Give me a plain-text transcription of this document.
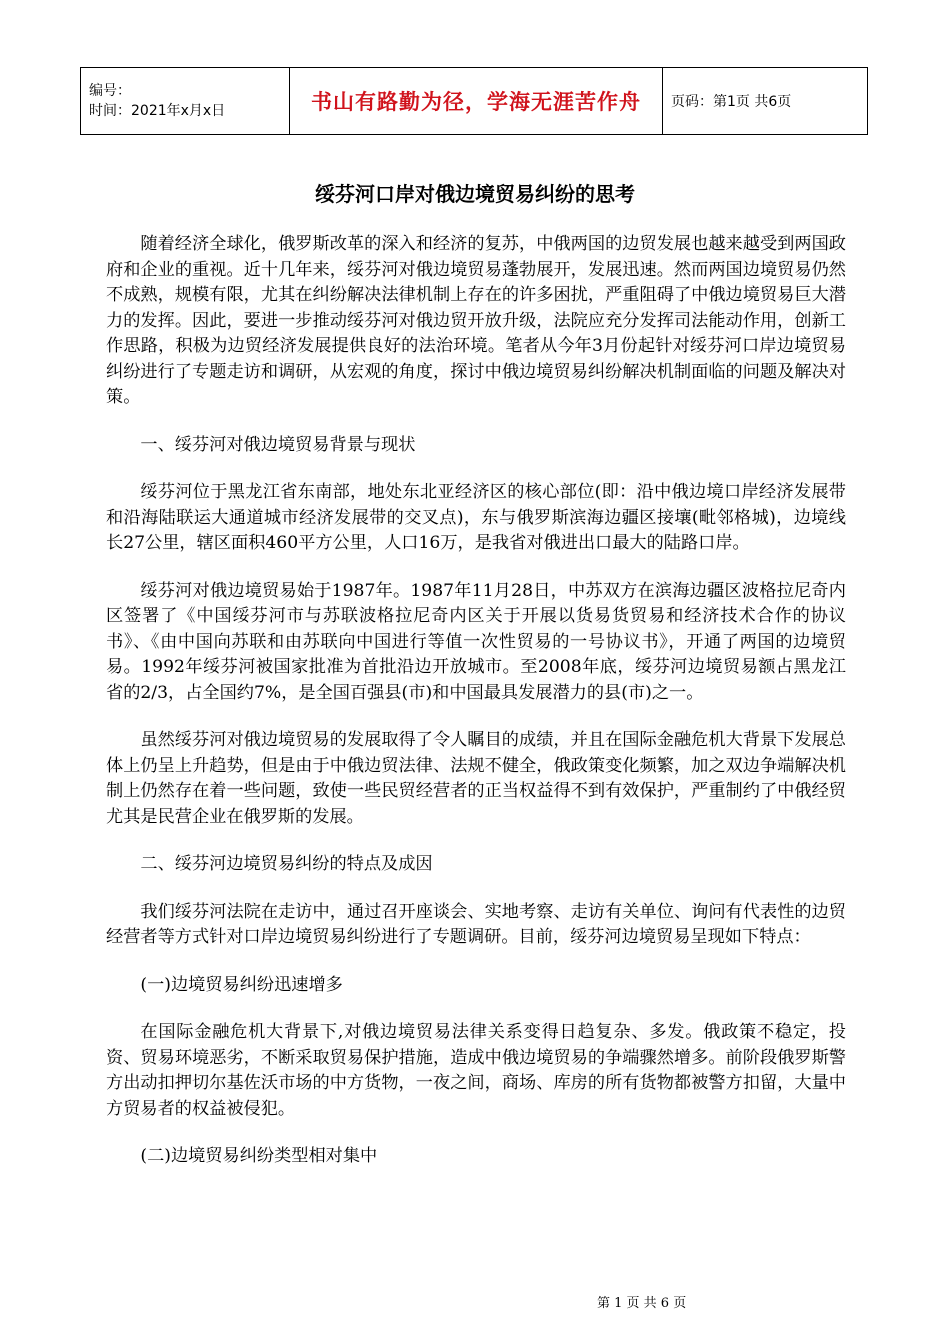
编号：
时间：2021年x月x日	书山有路勤为径，学海无涯苦作舟	页码：第1页 共6页
绥芬河口岸对俄边境贸易纠纷的思考

随着经济全球化，俄罗斯改革的深入和经济的复苏，中俄两国的边贸发展也越来越受到两国政府和企业的重视。近十几年来，绥芬河对俄边境贸易蓬勃展开，发展迅速。然而两国边境贸易仍然不成熟，规模有限，尤其在纠纷解决法律机制上存在的许多困扰，严重阻碍了中俄边境贸易巨大潜力的发挥。因此，要进一步推动绥芬河对俄边贸开放升级，法院应充分发挥司法能动作用，创新工作思路，积极为边贸经济发展提供良好的法治环境。笔者从今年3月份起针对绥芬河口岸边境贸易纠纷进行了专题走访和调研，从宏观的角度，探讨中俄边境贸易纠纷解决机制面临的问题及解决对策。

一、绥芬河对俄边境贸易背景与现状

绥芬河位于黑龙江省东南部，地处东北亚经济区的核心部位(即：沿中俄边境口岸经济发展带和沿海陆联运大通道城市经济发展带的交叉点)，东与俄罗斯滨海边疆区接壤(毗邻格城)，边境线长27公里，辖区面积460平方公里，人口16万，是我省对俄进出口最大的陆路口岸。

绥芬河对俄边境贸易始于1987年。1987年11月28日，中苏双方在滨海边疆区波格拉尼奇内区签署了《中国绥芬河市与苏联波格拉尼奇内区关于开展以货易货贸易和经济技术合作的协议书》、《由中国向苏联和由苏联向中国进行等值一次性贸易的一号协议书》，开通了两国的边境贸易。1992年绥芬河被国家批准为首批沿边开放城市。至2008年底，绥芬河边境贸易额占黑龙江省的2/3，占全国约7%，是全国百强县(市)和中国最具发展潜力的县(市)之一。

虽然绥芬河对俄边境贸易的发展取得了令人瞩目的成绩，并且在国际金融危机大背景下发展总体上仍呈上升趋势，但是由于中俄边贸法律、法规不健全，俄政策变化频繁，加之双边争端解决机制上仍然存在着一些问题，致使一些民贸经营者的正当权益得不到有效保护，严重制约了中俄经贸尤其是民营企业在俄罗斯的发展。

二、绥芬河边境贸易纠纷的特点及成因

我们绥芬河法院在走访中，通过召开座谈会、实地考察、走访有关单位、询问有代表性的边贸经营者等方式针对口岸边境贸易纠纷进行了专题调研。目前，绥芬河边境贸易呈现如下特点：

(一)边境贸易纠纷迅速增多

在国际金融危机大背景下,对俄边境贸易法律关系变得日趋复杂、多发。俄政策不稳定，投资、贸易环境恶劣，不断采取贸易保护措施，造成中俄边境贸易的争端骤然增多。前阶段俄罗斯警方出动扣押切尔基佐沃市场的中方货物，一夜之间，商场、库房的所有货物都被警方扣留，大量中方贸易者的权益被侵犯。

(二)边境贸易纠纷类型相对集中

第 1 页 共 6 页
